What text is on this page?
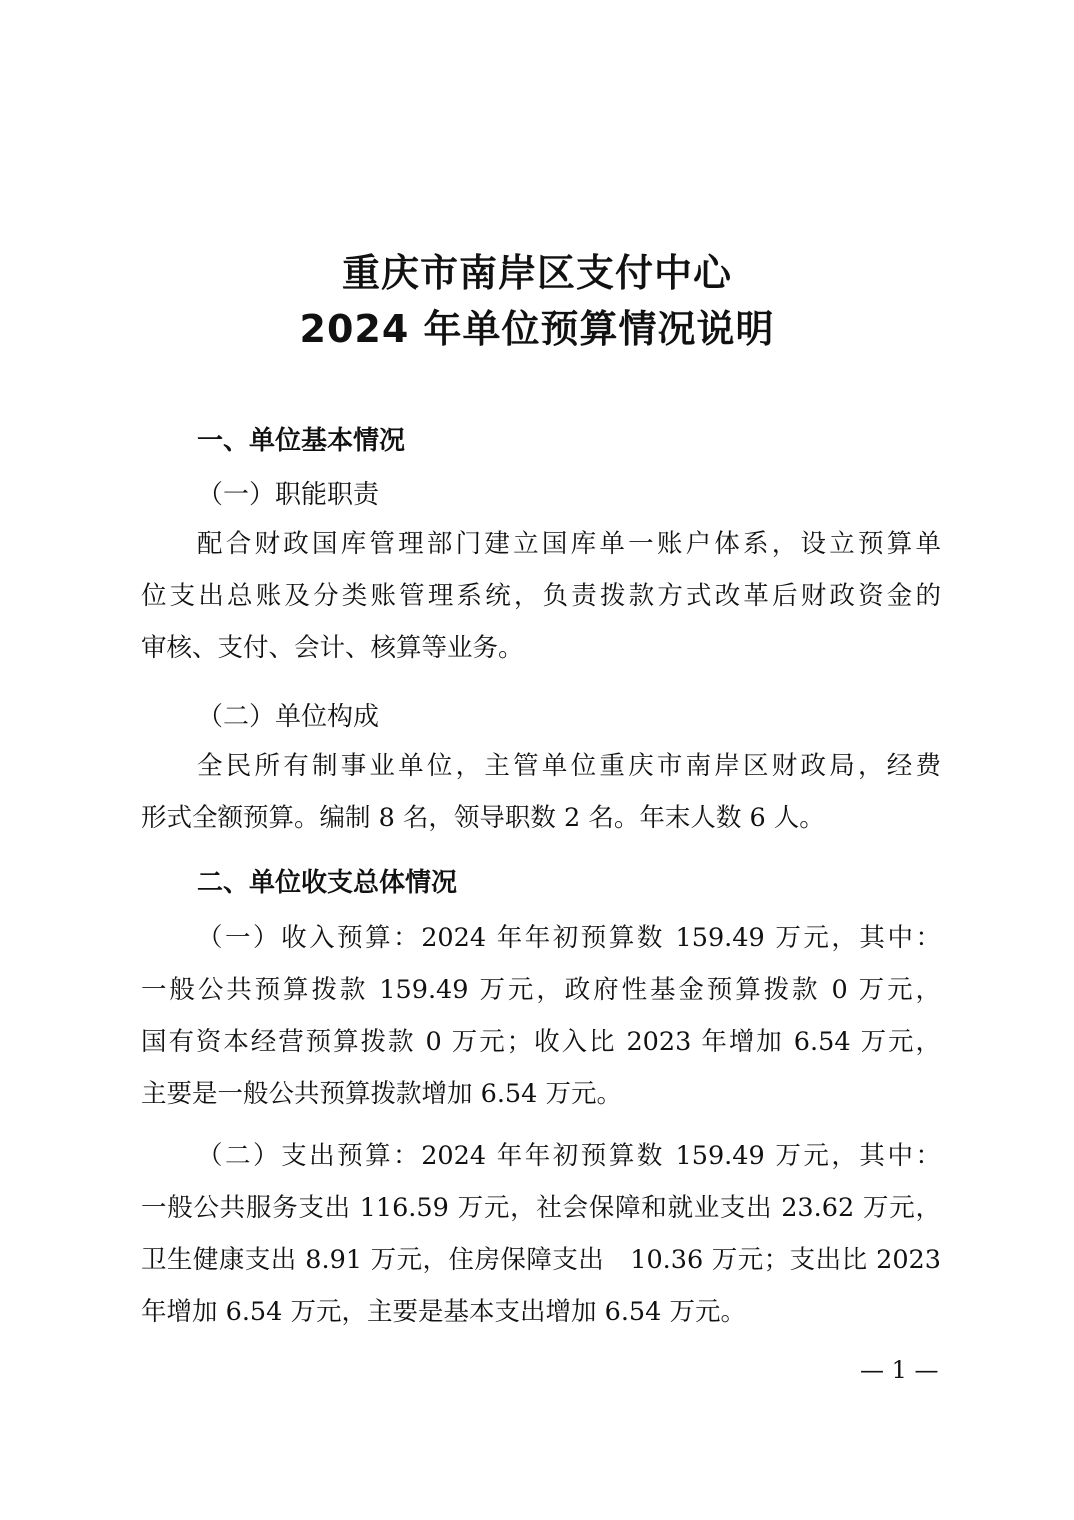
重庆市南岸区支付中心
2024 年单位预算情况说明
一、单位基本情况
（一）职能职责
配合财政国库管理部门建立国库单一账户体系，设立预算单
位支出总账及分类账管理系统，负责拨款方式改革后财政资金的
审核、支付、会计、核算等业务。
（二）单位构成
全民所有制事业单位，主管单位重庆市南岸区财政局，经费
形式全额预算。编制 8 名，领导职数 2 名。年末人数 6 人。
二、单位收支总体情况
（一）收入预算：2024 年年初预算数 159.49 万元，其中：
一般公共预算拨款 159.49 万元，政府性基金预算拨款 0 万元，
国有资本经营预算拨款 0 万元；收入比 2023 年增加 6.54 万元，
主要是一般公共预算拨款增加 6.54 万元。
（二）支出预算：2024 年年初预算数 159.49 万元，其中：
一般公共服务支出 116.59 万元，社会保障和就业支出 23.62 万元，
卫生健康支出 8.91 万元，住房保障支出　10.36 万元；支出比 2023
年增加 6.54 万元，主要是基本支出增加 6.54 万元。
— 1 —
